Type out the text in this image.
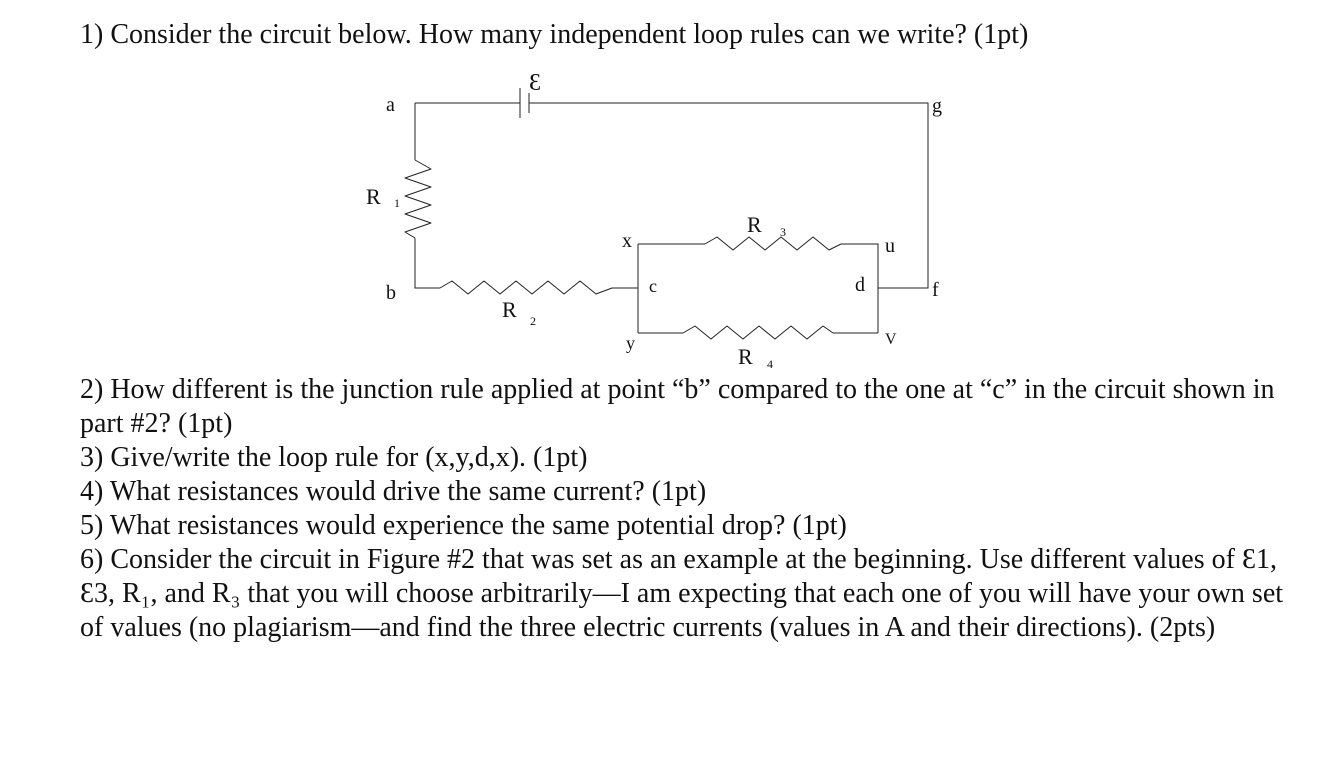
1) Consider the circuit below. How many independent loop rules can we write? (1pt)

Ɛ
a	g
R 1
b
R 2
x
c
y
R 3
R 4
u
d	f
V

2) How different is the junction rule applied at point “b” compared to the one at “c” in the circuit shown in part #2? (1pt)

3) Give/write the loop rule for (x,y,d,x). (1pt)

4) What resistances would drive the same current? (1pt)

5) What resistances would experience the same potential drop? (1pt)

6) Consider the circuit in Figure #2 that was set as an example at the beginning. Use different values of Ɛ1, Ɛ3, R₁, and R₃ that you will choose arbitrarily—I am expecting that each one of you will have your own set of values (no plagiarism—and find the three electric currents (values in A and their directions). (2pts)
